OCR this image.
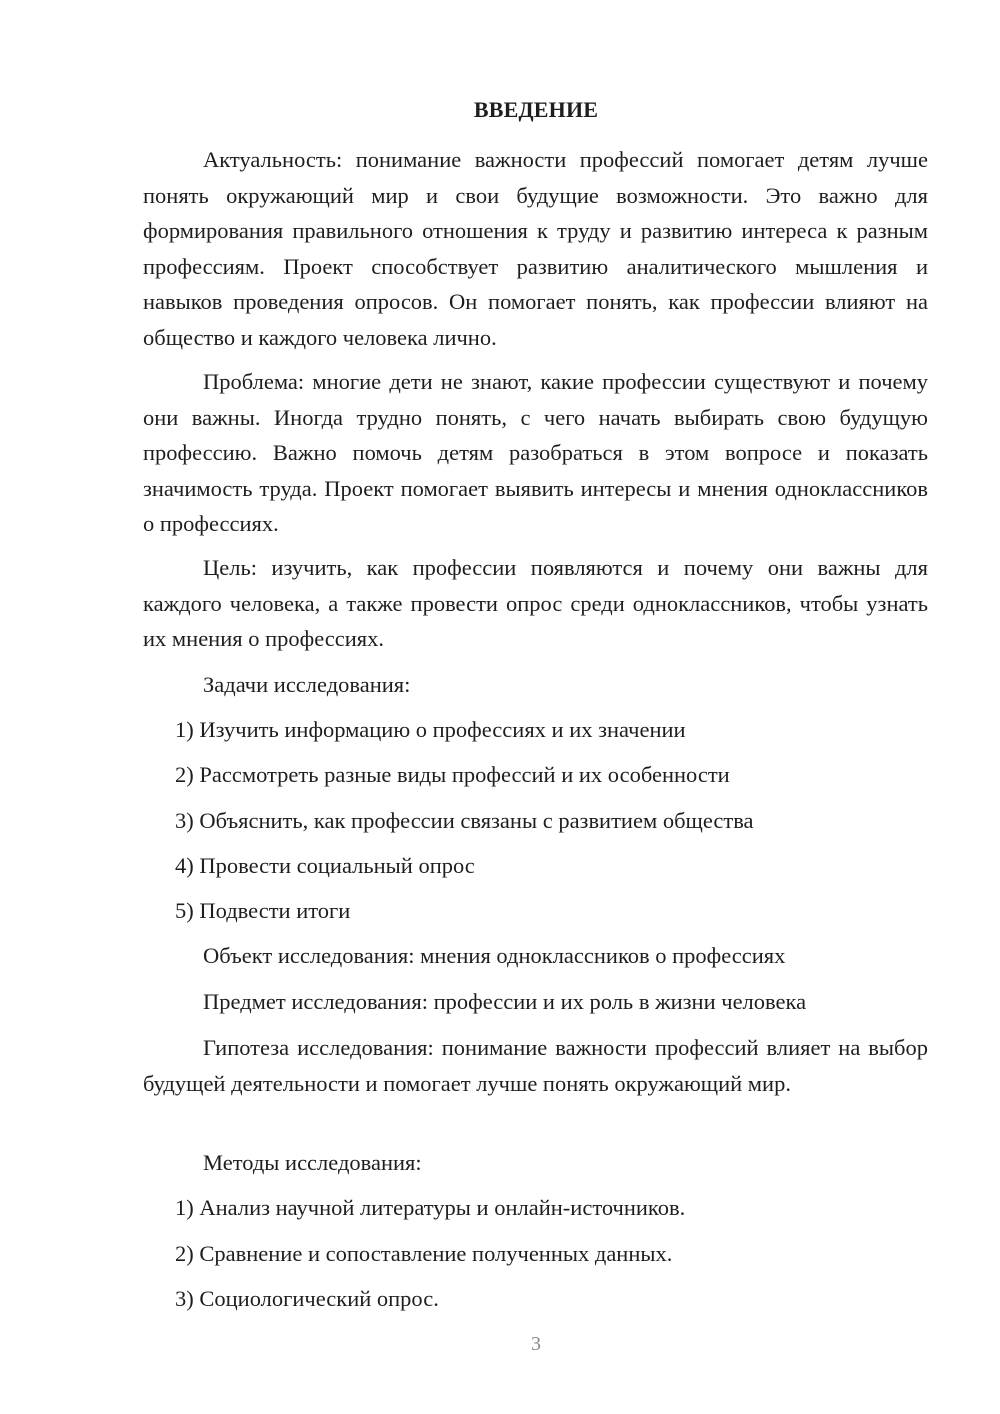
ВВЕДЕНИЕ

Актуальность: понимание важности профессий помогает детям лучше понять окружающий мир и свои будущие возможности. Это важно для формирования правильного отношения к труду и развитию интереса к разным профессиям. Проект способствует развитию аналитического мышления и навыков проведения опросов. Он помогает понять, как профессии влияют на общество и каждого человека лично.

Проблема: многие дети не знают, какие профессии существуют и почему они важны. Иногда трудно понять, с чего начать выбирать свою будущую профессию. Важно помочь детям разобраться в этом вопросе и показать значимость труда. Проект помогает выявить интересы и мнения одноклассников о профессиях.

Цель: изучить, как профессии появляются и почему они важны для каждого человека, а также провести опрос среди одноклассников, чтобы узнать их мнения о профессиях.

Задачи исследования:

1) Изучить информацию о профессиях и их значении

2) Рассмотреть разные виды профессий и их особенности

3) Объяснить, как профессии связаны с развитием общества

4) Провести социальный опрос

5) Подвести итоги

Объект исследования: мнения одноклассников о профессиях

Предмет исследования: профессии и их роль в жизни человека

Гипотеза исследования: понимание важности профессий влияет на выбор будущей деятельности и помогает лучше понять окружающий мир.

Методы исследования:

1) Анализ научной литературы и онлайн-источников.

2) Сравнение и сопоставление полученных данных.

3) Социологический опрос.

3
